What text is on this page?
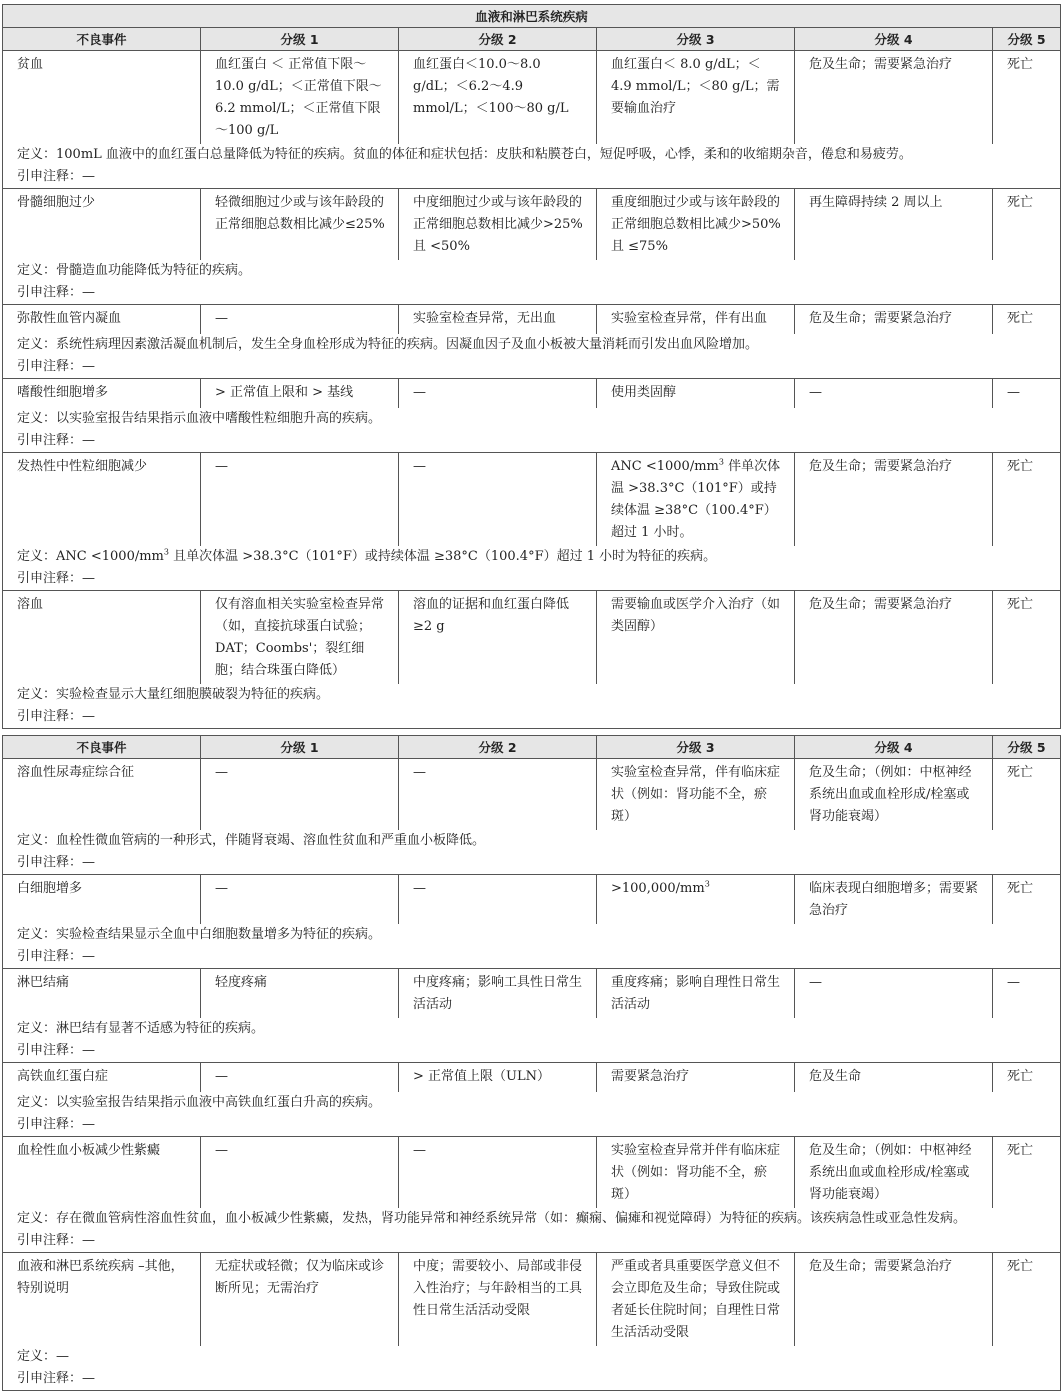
血液和淋巴系统疾病					
不良事件	分级 1	分级 2	分级 3	分级 4	分级 5
贫血	血红蛋白 ＜ 正常值下限～10.0 g/dL；＜正常值下限～6.2 mmol/L；＜正常值下限～100 g/L	血红蛋白＜10.0～8.0 g/dL；＜6.2～4.9 mmol/L；＜100～80 g/L	血红蛋白＜ 8.0 g/dL；＜ 4.9 mmol/L；＜80 g/L；需要输血治疗	危及生命；需要紧急治疗	死亡
定义：100mL 血液中的血红蛋白总量降低为特征的疾病。贫血的体征和症状包括：皮肤和粘膜苍白，短促呼吸，心悸，柔和的收缩期杂音，倦怠和易疲劳。					
引申注释：—					
骨髓细胞过少	轻微细胞过少或与该年龄段的正常细胞总数相比减少≤25%	中度细胞过少或与该年龄段的正常细胞总数相比减少>25% 且 <50%	重度细胞过少或与该年龄段的正常细胞总数相比减少>50% 且 ≤75%	再生障碍持续 2 周以上	死亡
定义：骨髓造血功能降低为特征的疾病。					
引申注释：—					
弥散性血管内凝血	—	实验室检查异常，无出血	实验室检查异常，伴有出血	危及生命；需要紧急治疗	死亡
定义：系统性病理因素激活凝血机制后，发生全身血栓形成为特征的疾病。因凝血因子及血小板被大量消耗而引发出血风险增加。					
引申注释：—					
嗜酸性细胞增多	> 正常值上限和 > 基线	—	使用类固醇	—	—
定义：以实验室报告结果指示血液中嗜酸性粒细胞升高的疾病。					
引申注释：—					
发热性中性粒细胞减少	—	—	ANC $<1000/mm^3$ 伴单次体温 >38.3°C（101°F）或持续体温 ≥38°C（100.4°F）超过 1 小时。	危及生命；需要紧急治疗	死亡
定义：ANC $<1000/mm^3$ 且单次体温 >38.3°C（101°F）或持续体温 ≥38°C（100.4°F）超过 1 小时为特征的疾病。					
引申注释：—					
溶血	仅有溶血相关实验室检查异常（如，直接抗球蛋白试验；DAT；Coombs'；裂红细胞；结合珠蛋白降低）	溶血的证据和血红蛋白降低 ≥2 g	需要输血或医学介入治疗（如类固醇）	危及生命；需要紧急治疗	死亡
定义：实验检查显示大量红细胞膜破裂为特征的疾病。					
引申注释：—					
不良事件	分级 1	分级 2	分级 3	分级 4	分级 5
溶血性尿毒症综合征	—	—	实验室检查异常，伴有临床症状（例如：肾功能不全，瘀斑）	危及生命；（例如：中枢神经系统出血或血栓形成/栓塞或肾功能衰竭）	死亡
定义：血栓性微血管病的一种形式，伴随肾衰竭、溶血性贫血和严重血小板降低。					
引申注释：—					
白细胞增多	—	—	$>100,000/mm^3$	临床表现白细胞增多；需要紧急治疗	死亡
定义：实验检查结果显示全血中白细胞数量增多为特征的疾病。					
引申注释：—					
淋巴结痛	轻度疼痛	中度疼痛；影响工具性日常生活活动	重度疼痛；影响自理性日常生活活动	—	—
定义：淋巴结有显著不适感为特征的疾病。					
引申注释：—					
高铁血红蛋白症	—	> 正常值上限（ULN）	需要紧急治疗	危及生命	死亡
定义：以实验室报告结果指示血液中高铁血红蛋白升高的疾病。					
引申注释：—					
血栓性血小板减少性紫癜	—	—	实验室检查异常并伴有临床症状（例如：肾功能不全，瘀斑）	危及生命；（例如：中枢神经系统出血或血栓形成/栓塞或肾功能衰竭）	死亡
定义：存在微血管病性溶血性贫血，血小板减少性紫癜，发热，肾功能异常和神经系统异常（如：癫痫、偏瘫和视觉障碍）为特征的疾病。该疾病急性或亚急性发病。					
引申注释：—					
血液和淋巴系统疾病 –其他，特别说明	无症状或轻微；仅为临床或诊断所见；无需治疗	中度；需要较小、局部或非侵入性治疗；与年龄相当的工具性日常生活活动受限	严重或者具重要医学意义但不会立即危及生命；导致住院或者延长住院时间；自理性日常生活活动受限	危及生命；需要紧急治疗	死亡
定义：—					
引申注释：—					
